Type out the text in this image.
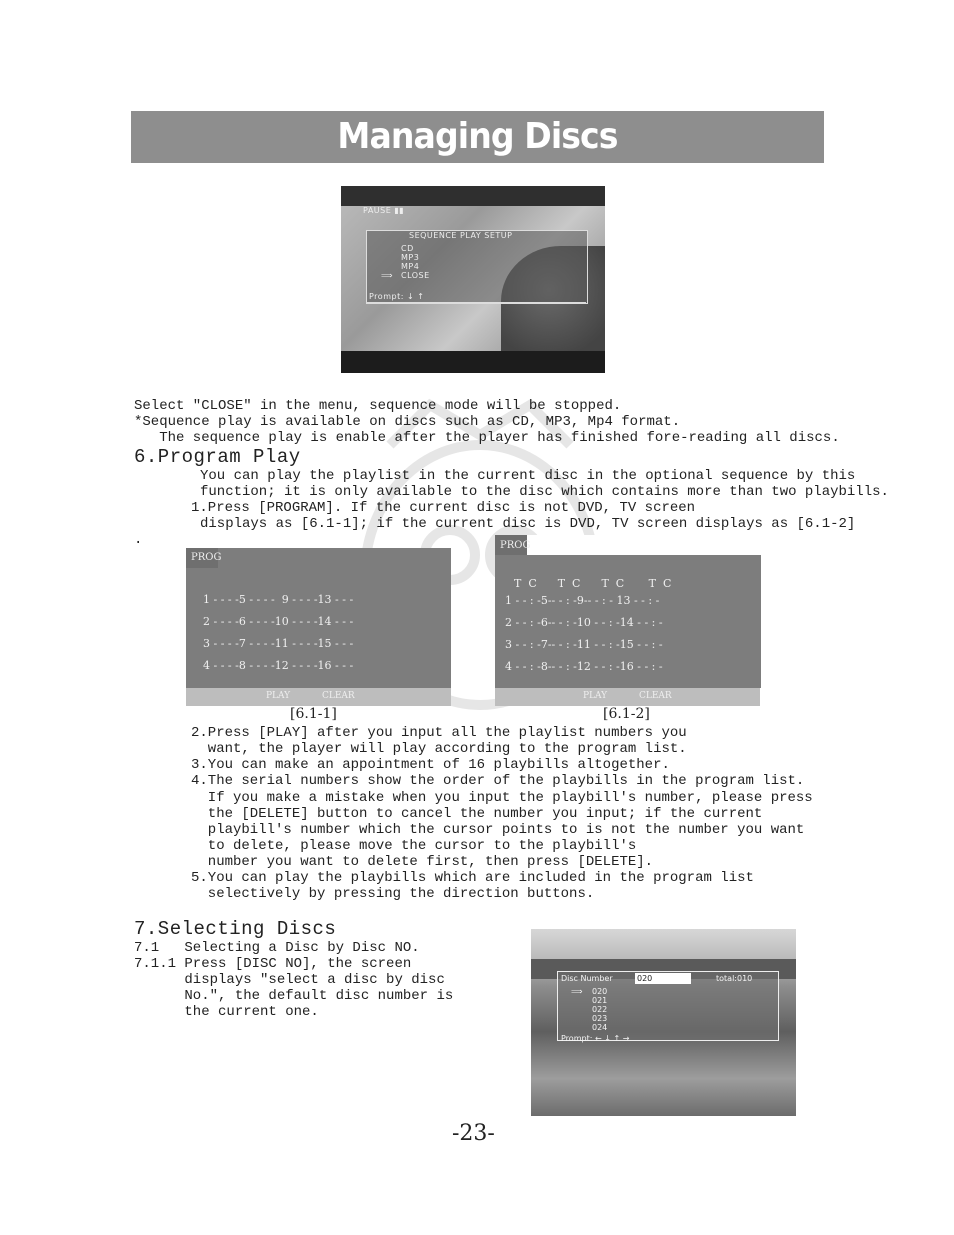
Managing Discs
PAUSE ▮▮
SEQUENCE PLAY SETUP
CD
MP3
MP4
⟹ CLOSE
Prompt: ↓ ↑
Select "CLOSE" in the menu, sequence mode will be stopped.
*Sequence play is available on discs such as CD, MP3, Mp4 format.
The sequence play is enable after the player has finished fore-reading all discs.
6.Program Play
You can play the playlist in the current disc in the optional sequence by this
function; it is only available to the disc which contains more than two playbills.
1.Press [PROGRAM]. If the current disc is not DVD, TV screen
displays as [6.1-1]; if the current disc is DVD, TV screen displays as [6.1-2]
.
PROG
1 - - - -5 - - - -  9 - - - -13 - - -
2 - - - -6 - - - -10 - - - -14 - - -
3 - - - -7 - - - -11 - - - -15 - - -
4 - - - -8 - - - -12 - - - -16 - - -
PLAY	CLEAR
[6.1-1]
PROG
T  C      T  C      T  C       T  C
1 - - : -5-- - : -9-- - : - 13 - - : -
2 - - : -6-- - : -10 - - : -14 - - : -
3 - - : -7-- - : -11 - - : -15 - - : -
4 - - : -8-- - : -12 - - : -16 - - : -
PLAY	CLEAR
[6.1-2]
2.Press [PLAY] after you input all the playlist numbers you
want, the player will play according to the program list.
3.You can make an appointment of 16 playbills altogether.
4.The serial numbers show the order of the playbills in the program list.
If you make a mistake when you input the playbill's number, please press
the [DELETE] button to cancel the number you input; if the current
playbill's number which the cursor points to is not the number you want
to delete, please move the cursor to the playbill's
number you want to delete first, then press [DELETE].
5.You can play the playbills which are included in the program list
selectively by pressing the direction buttons.
7.Selecting Discs
7.1   Selecting a Disc by Disc NO.
7.1.1 Press [DISC NO], the screen
displays "select a disc by disc
No.", the default disc number is
the current one.
Disc Number	020	total:010
⟹ 020
021
022
023
024
Prompt: ← ↓ ↑ →
-23-
